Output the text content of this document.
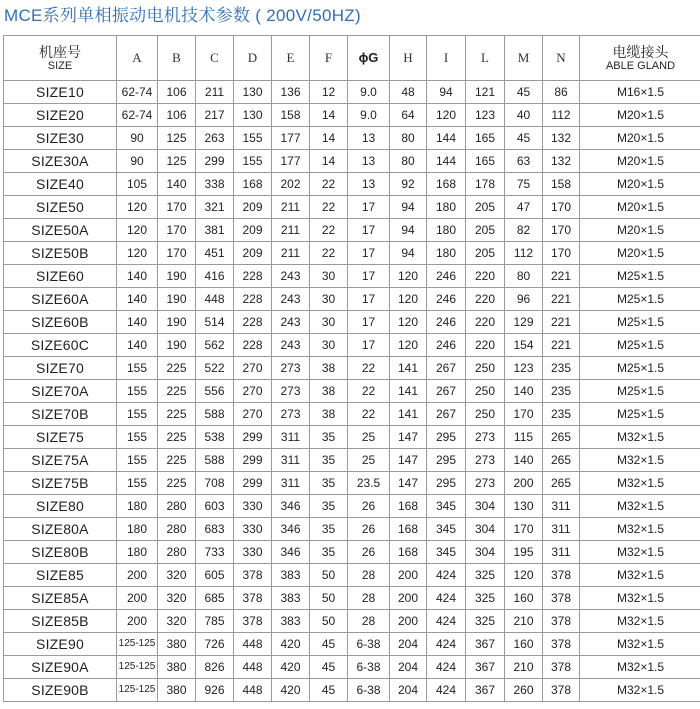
MCE系列单相振动电机技术参数 ( 200V/50HZ)
机座号
SIZE	A	B	C	D	E	F	ϕG	H	I	L	M	N	电缆接头
ABLE GLAND

SIZE10	62-74	106	211	130	136	12	9.0	48	94	121	45	86	M16×1.5
SIZE20	62-74	106	217	130	158	14	9.0	64	120	123	40	112	M20×1.5
SIZE30	90	125	263	155	177	14	13	80	144	165	45	132	M20×1.5
SIZE30A	90	125	299	155	177	14	13	80	144	165	63	132	M20×1.5
SIZE40	105	140	338	168	202	22	13	92	168	178	75	158	M20×1.5
SIZE50	120	170	321	209	211	22	17	94	180	205	47	170	M20×1.5
SIZE50A	120	170	381	209	211	22	17	94	180	205	82	170	M20×1.5
SIZE50B	120	170	451	209	211	22	17	94	180	205	112	170	M20×1.5
SIZE60	140	190	416	228	243	30	17	120	246	220	80	221	M25×1.5
SIZE60A	140	190	448	228	243	30	17	120	246	220	96	221	M25×1.5
SIZE60B	140	190	514	228	243	30	17	120	246	220	129	221	M25×1.5
SIZE60C	140	190	562	228	243	30	17	120	246	220	154	221	M25×1.5
SIZE70	155	225	522	270	273	38	22	141	267	250	123	235	M25×1.5
SIZE70A	155	225	556	270	273	38	22	141	267	250	140	235	M25×1.5
SIZE70B	155	225	588	270	273	38	22	141	267	250	170	235	M25×1.5
SIZE75	155	225	538	299	311	35	25	147	295	273	115	265	M32×1.5
SIZE75A	155	225	588	299	311	35	25	147	295	273	140	265	M32×1.5
SIZE75B	155	225	708	299	311	35	23.5	147	295	273	200	265	M32×1.5
SIZE80	180	280	603	330	346	35	26	168	345	304	130	311	M32×1.5
SIZE80A	180	280	683	330	346	35	26	168	345	304	170	311	M32×1.5
SIZE80B	180	280	733	330	346	35	26	168	345	304	195	311	M32×1.5
SIZE85	200	320	605	378	383	50	28	200	424	325	120	378	M32×1.5
SIZE85A	200	320	685	378	383	50	28	200	424	325	160	378	M32×1.5
SIZE85B	200	320	785	378	383	50	28	200	424	325	210	378	M32×1.5
SIZE90	125-125	380	726	448	420	45	6-38	204	424	367	160	378	M32×1.5
SIZE90A	125-125	380	826	448	420	45	6-38	204	424	367	210	378	M32×1.5
SIZE90B	125-125	380	926	448	420	45	6-38	204	424	367	260	378	M32×1.5
